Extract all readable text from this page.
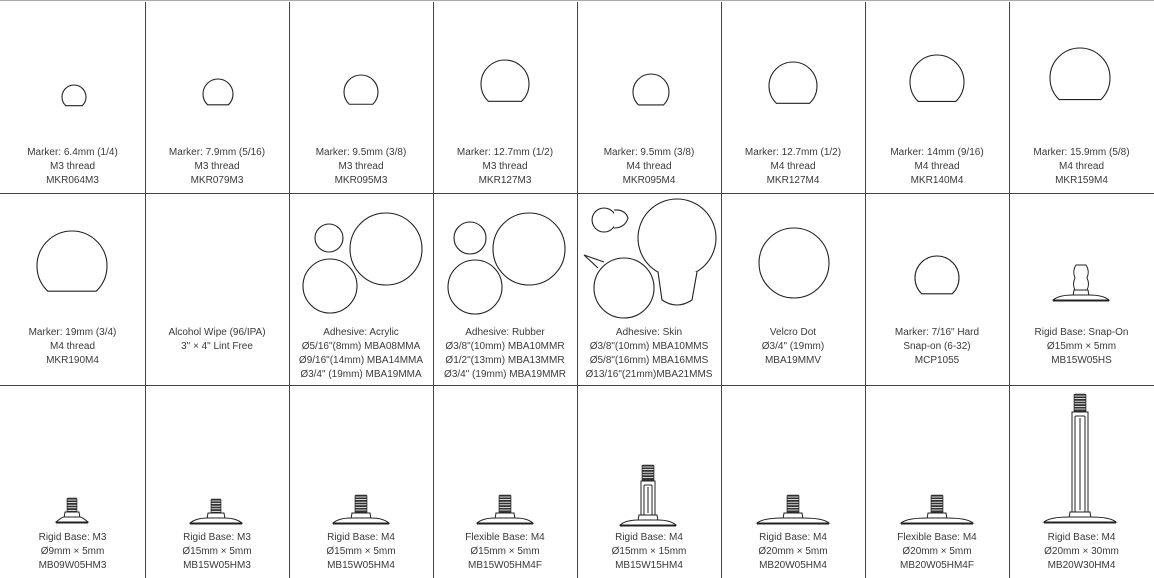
Marker: 6.4mm (1/4)
M3 thread
MKR064M3
Marker: 7.9mm (5/16)
M3 thread
MKR079M3
Marker: 9.5mm (3/8)
M3 thread
MKR095M3
Marker: 12.7mm (1/2)
M3 thread
MKR127M3
Marker: 9.5mm (3/8)
M4 thread
MKR095M4
Marker: 12.7mm (1/2)
M4 thread
MKR127M4
Marker: 14mm (9/16)
M4 thread
MKR140M4
Marker: 15.9mm (5/8)
M4 thread
MKR159M4
Marker: 19mm (3/4)
M4 thread
MKR190M4
Alcohol Wipe (96/IPA)
3" × 4" Lint Free
Adhesive: Acrylic
Ø5/16"(8mm) MBA08MMA
Ø9/16"(14mm) MBA14MMA
Ø3/4" (19mm) MBA19MMA
Adhesive: Rubber
Ø3/8"(10mm) MBA10MMR
Ø1/2"(13mm) MBA13MMR
Ø3/4" (19mm) MBA19MMR
Adhesive: Skin
Ø3/8"(10mm) MBA10MMS
Ø5/8"(16mm) MBA16MMS
Ø13/16"(21mm)MBA21MMS
Velcro Dot
Ø3/4" (19mm)
MBA19MMV
Marker: 7/16" Hard
Snap-on (6-32)
MCP1055
Rigid Base: Snap-On
Ø15mm × 5mm
MB15W05HS
Rigid Base: M3
Ø9mm × 5mm
MB09W05HM3
Rigid Base: M3
Ø15mm × 5mm
MB15W05HM3
Rigid Base: M4
Ø15mm × 5mm
MB15W05HM4
Flexible Base: M4
Ø15mm × 5mm
MB15W05HM4F
Rigid Base: M4
Ø15mm × 15mm
MB15W15HM4
Rigid Base: M4
Ø20mm × 5mm
MB20W05HM4
Flexible Base: M4
Ø20mm × 5mm
MB20W05HM4F
Rigid Base: M4
Ø20mm × 30mm
MB20W30HM4
